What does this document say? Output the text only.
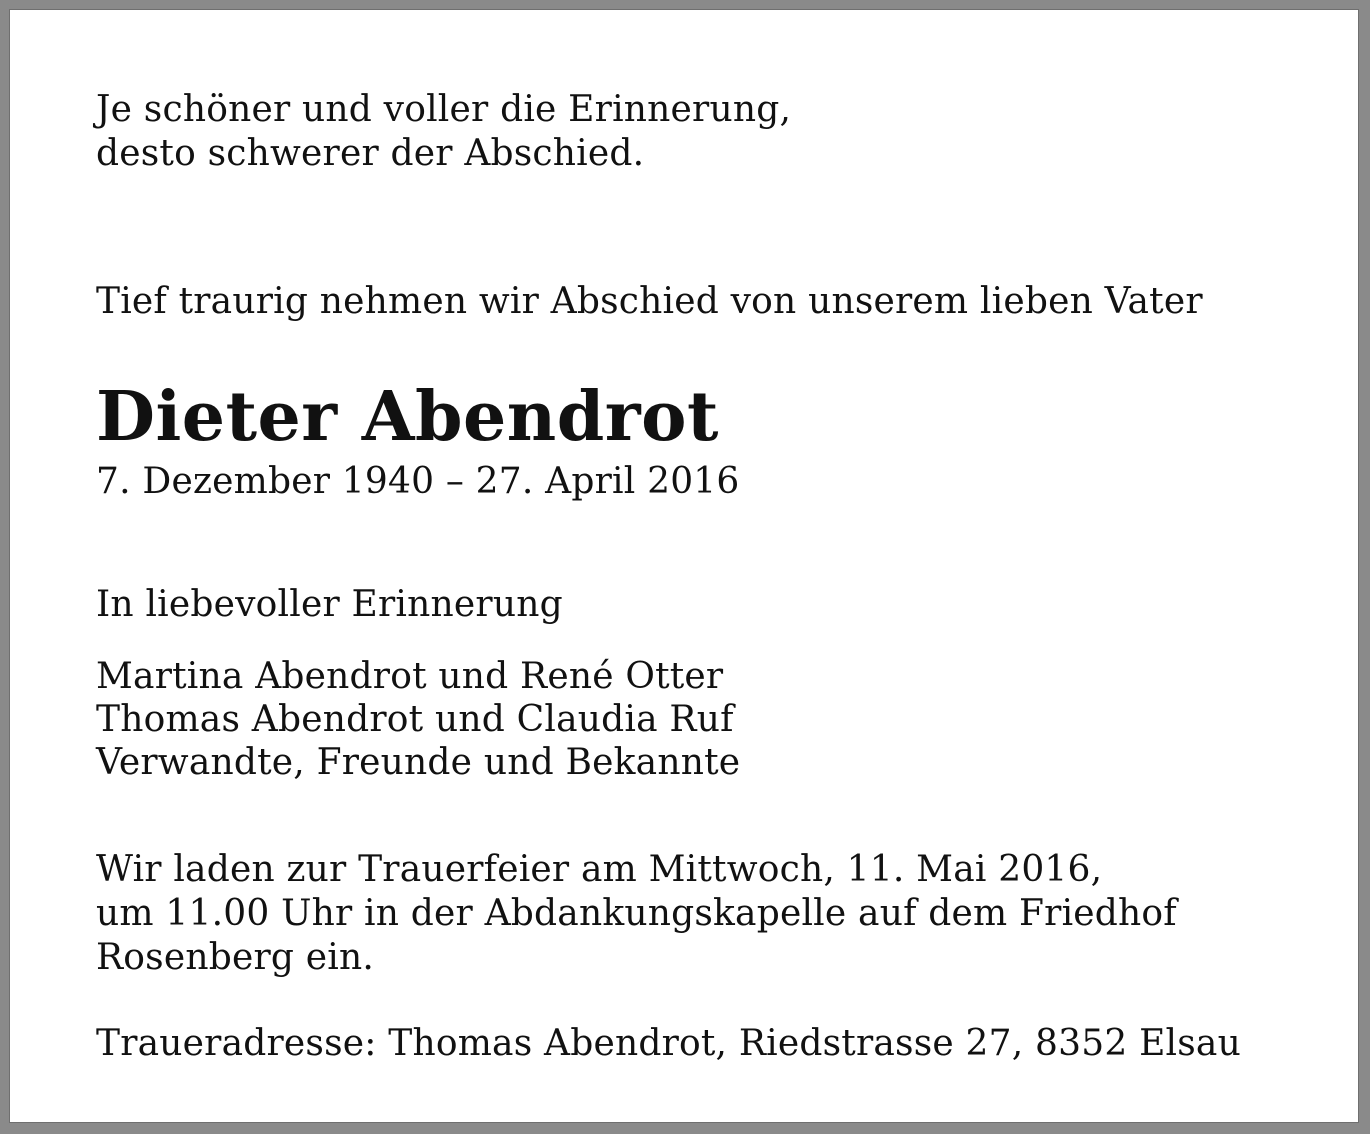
Je schöner und voller die Erinnerung,
desto schwerer der Abschied.
Tief traurig nehmen wir Abschied von unserem lieben Vater
Dieter Abendrot
7. Dezember 1940 – 27. April 2016
In liebevoller Erinnerung
Martina Abendrot und René Otter
Thomas Abendrot und Claudia Ruf
Verwandte, Freunde und Bekannte
Wir laden zur Trauerfeier am Mittwoch, 11. Mai 2016,
um 11.00 Uhr in der Abdankungskapelle auf dem Friedhof
Rosenberg ein.
Traueradresse: Thomas Abendrot, Riedstrasse 27, 8352 Elsau
